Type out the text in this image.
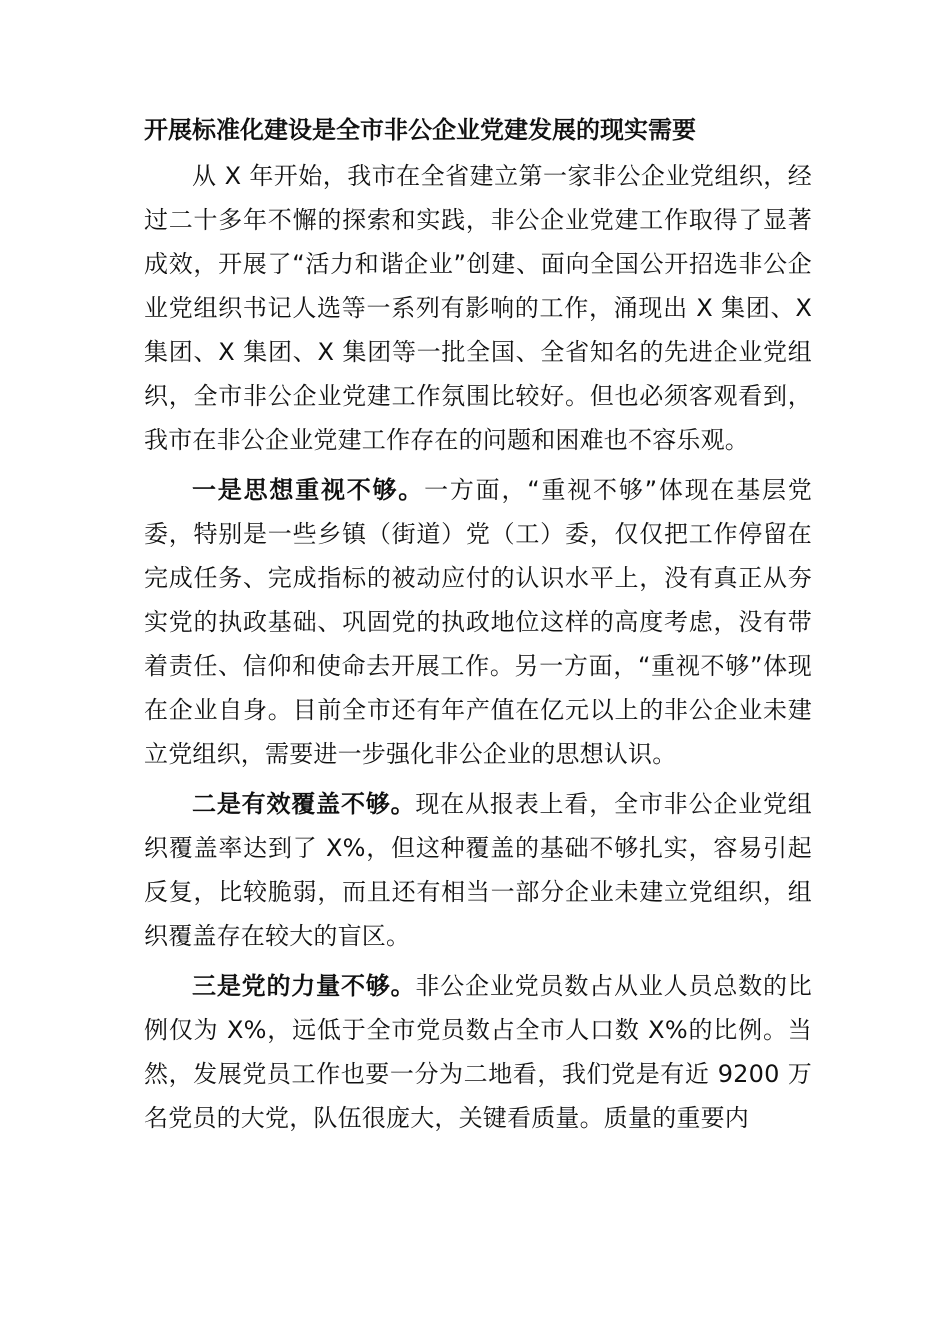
开展标准化建设是全市非公企业党建发展的现实需要

从 X 年开始，我市在全省建立第一家非公企业党组织，经过二十多年不懈的探索和实践，非公企业党建工作取得了显著成效，开展了“活力和谐企业”创建、面向全国公开招选非公企业党组织书记人选等一系列有影响的工作，涌现出 X 集团、X 集团、X 集团、X 集团等一批全国、全省知名的先进企业党组织，全市非公企业党建工作氛围比较好。但也必须客观看到，我市在非公企业党建工作存在的问题和困难也不容乐观。

一是思想重视不够。一方面，“重视不够”体现在基层党委，特别是一些乡镇（街道）党（工）委，仅仅把工作停留在完成任务、完成指标的被动应付的认识水平上，没有真正从夯实党的执政基础、巩固党的执政地位这样的高度考虑，没有带着责任、信仰和使命去开展工作。另一方面，“重视不够”体现在企业自身。目前全市还有年产值在亿元以上的非公企业未建立党组织，需要进一步强化非公企业的思想认识。

二是有效覆盖不够。现在从报表上看，全市非公企业党组织覆盖率达到了 X%，但这种覆盖的基础不够扎实，容易引起反复，比较脆弱，而且还有相当一部分企业未建立党组织，组织覆盖存在较大的盲区。

三是党的力量不够。非公企业党员数占从业人员总数的比例仅为 X%，远低于全市党员数占全市人口数 X%的比例。当然，发展党员工作也要一分为二地看，我们党是有近 9200 万名党员的大党，队伍很庞大，关键看质量。质量的重要内
